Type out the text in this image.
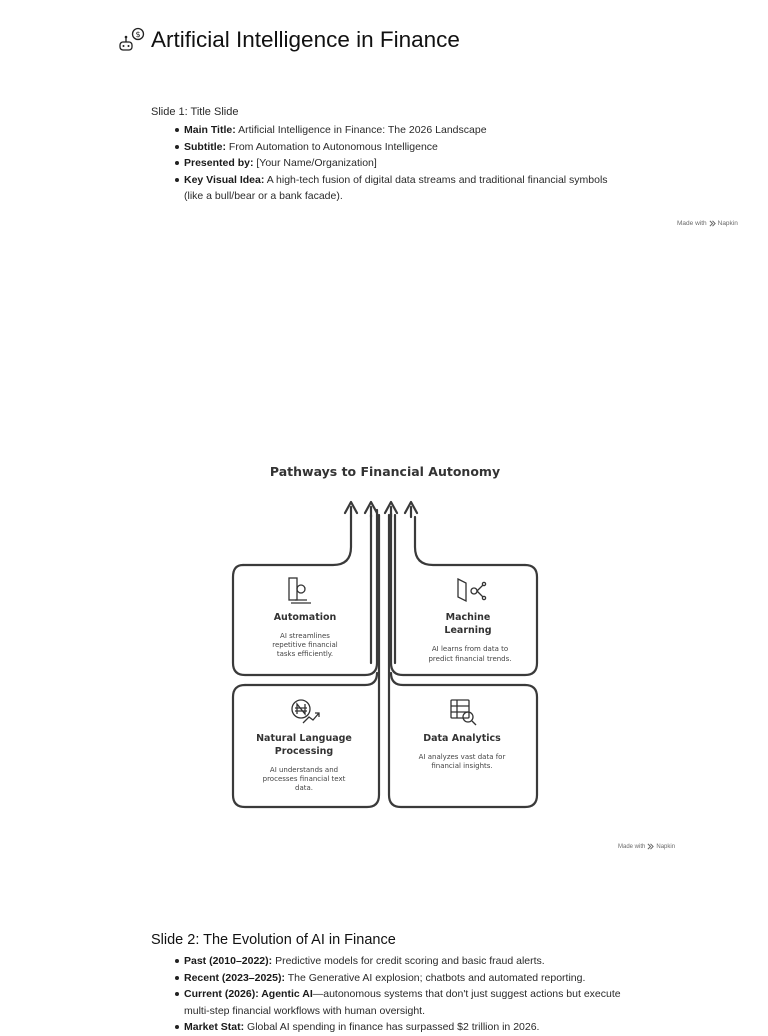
$ Artificial Intelligence in Finance
Slide 1: Title Slide
Main Title: Artificial Intelligence in Finance: The 2026 Landscape
Subtitle: From Automation to Autonomous Intelligence
Presented by: [Your Name/Organization]
Key Visual Idea: A high-tech fusion of digital data streams and traditional financial symbols (like a bull/bear or a bank facade).
Made with Napkin
Pathways to Financial Autonomy
Automation
AI streamlines
repetitive financial
tasks efficiently.
Machine
Learning
AI learns from data to
predict financial trends.
Natural Language
Processing
AI understands and
processes financial text
data.
Data Analytics
AI analyzes vast data for
financial insights.
Made with Napkin
Slide 2: The Evolution of AI in Finance
Past (2010–2022): Predictive models for credit scoring and basic fraud alerts.
Recent (2023–2025): The Generative AI explosion; chatbots and automated reporting.
Current (2026): Agentic AI—autonomous systems that don't just suggest actions but execute multi-step financial workflows with human oversight.
Market Stat: Global AI spending in finance has surpassed $2 trillion in 2026.
